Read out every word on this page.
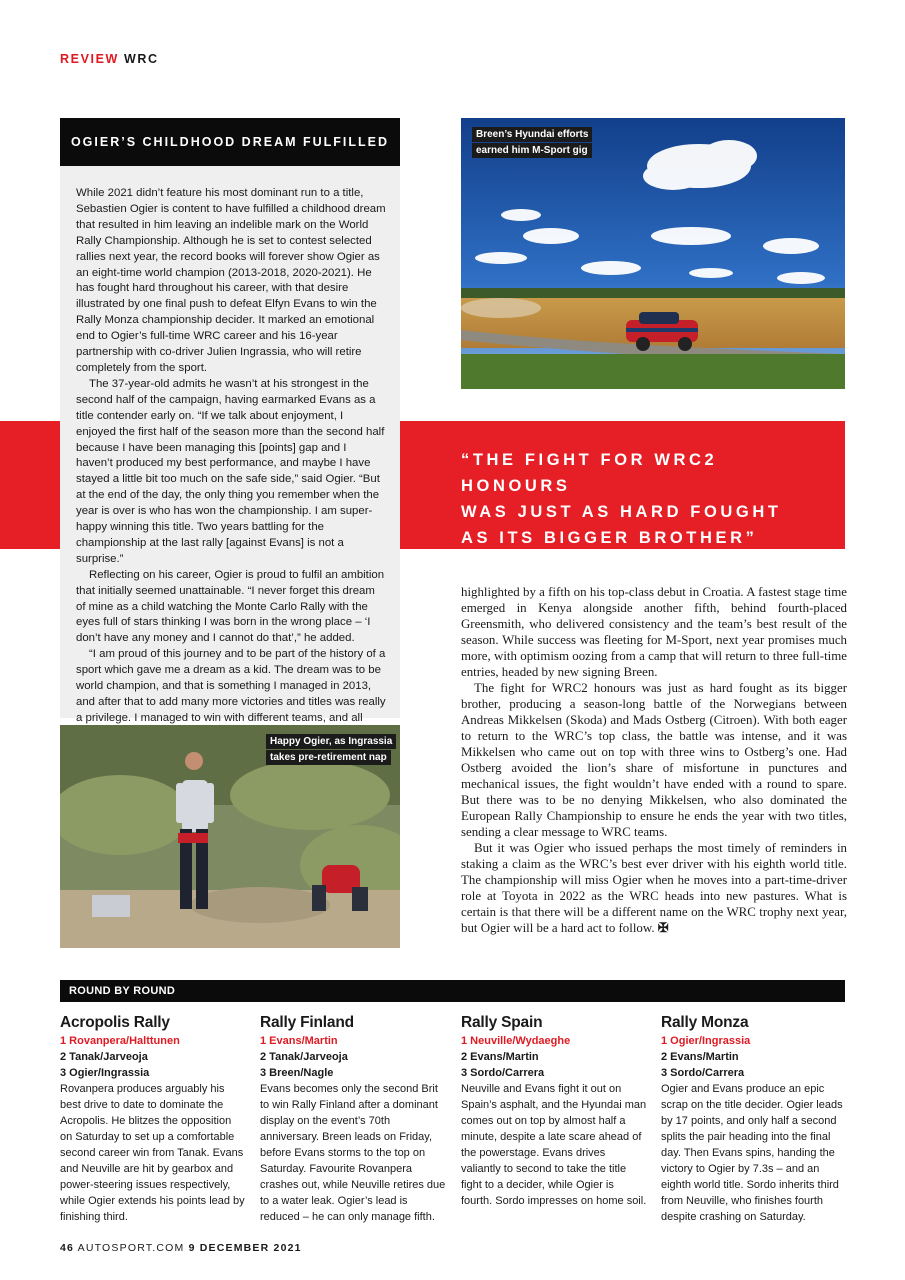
REVIEW WRC
OGIER’S CHILDHOOD DREAM FULFILLED

While 2021 didn’t feature his most dominant run to a title, Sebastien Ogier is content to have fulfilled a childhood dream that resulted in him leaving an indelible mark on the World Rally Championship. Although he is set to contest selected rallies next year, the record books will forever show Ogier as an eight-time world champion (2013-2018, 2020-2021). He has fought hard throughout his career, with that desire illustrated by one final push to defeat Elfyn Evans to win the Rally Monza championship decider. It marked an emotional end to Ogier’s full-time WRC career and his 16-year partnership with co-driver Julien Ingrassia, who will retire completely from the sport.

The 37-year-old admits he wasn’t at his strongest in the second half of the campaign, having earmarked Evans as a title contender early on. “If we talk about enjoyment, I enjoyed the first half of the season more than the second half because I have been managing this [points] gap and I haven’t produced my best performance, and maybe I have stayed a little bit too much on the safe side,” said Ogier. “But at the end of the day, the only thing you remember when the year is over is who has won the championship. I am super-happy winning this title. Two years battling for the championship at the last rally [against Evans] is not a surprise.”

Reflecting on his career, Ogier is proud to fulfil an ambition that initially seemed unattainable. “I never forget this dream of mine as a child watching the Monte Carlo Rally with the eyes full of stars thinking I was born in the wrong place – ‘I don’t have any money and I cannot do that’,” he added.

“I am proud of this journey and to be part of the history of a sport which gave me a dream as a kid. The dream was to be world champion, and that is something I managed in 2013, and after that to add many more victories and titles was really a privilege. I managed to win with different teams, and all

Breen’s Hyundai efforts
earned him M-Sport gig
Happy Ogier, as Ingrassia
takes pre-retirement nap
“THE FIGHT FOR WRC2 HONOURS
WAS JUST AS HARD FOUGHT
AS ITS BIGGER BROTHER”

highlighted by a fifth on his top-class debut in Croatia. A fastest stage time emerged in Kenya alongside another fifth, behind fourth-placed Greensmith, who delivered consistency and the team’s best result of the season. While success was fleeting for M-Sport, next year promises much more, with optimism oozing from a camp that will return to three full-time entries, headed by new signing Breen.

The fight for WRC2 honours was just as hard fought as its bigger brother, producing a season-long battle of the Norwegians between Andreas Mikkelsen (Skoda) and Mads Ostberg (Citroen). With both eager to return to the WRC’s top class, the battle was intense, and it was Mikkelsen who came out on top with three wins to Ostberg’s one. Had Ostberg avoided the lion’s share of misfortune in punctures and mechanical issues, the fight wouldn’t have ended with a round to spare. But there was to be no denying Mikkelsen, who also dominated the European Rally Championship to ensure he ends the year with two titles, sending a clear message to WRC teams.

But it was Ogier who issued perhaps the most timely of reminders in staking a claim as the WRC’s best ever driver with his eighth world title. The championship will miss Ogier when he moves into a part-time-driver role at Toyota in 2022 as the WRC heads into new pastures. What is certain is that there will be a different name on the WRC trophy next year, but Ogier will be a hard act to follow. ✠

ROUND BY ROUND
Acropolis Rally
1 Rovanpera/Halttunen
2 Tanak/Jarveoja
3 Ogier/Ingrassia
Rovanpera produces arguably his best drive to date to dominate the Acropolis. He blitzes the opposition on Saturday to set up a comfortable second career win from Tanak. Evans and Neuville are hit by gearbox and power-steering issues respectively, while Ogier extends his points lead by finishing third.
Rally Finland
1 Evans/Martin
2 Tanak/Jarveoja
3 Breen/Nagle
Evans becomes only the second Brit to win Rally Finland after a dominant display on the event’s 70th anniversary. Breen leads on Friday, before Evans storms to the top on Saturday. Favourite Rovanpera crashes out, while Neuville retires due to a water leak. Ogier’s lead is reduced – he can only manage fifth.
Rally Spain
1 Neuville/Wydaeghe
2 Evans/Martin
3 Sordo/Carrera
Neuville and Evans fight it out on Spain’s asphalt, and the Hyundai man comes out on top by almost half a minute, despite a late scare ahead of the powerstage. Evans drives valiantly to second to take the title fight to a decider, while Ogier is fourth. Sordo impresses on home soil.
Rally Monza
1 Ogier/Ingrassia
2 Evans/Martin
3 Sordo/Carrera
Ogier and Evans produce an epic scrap on the title decider. Ogier leads by 17 points, and only half a second splits the pair heading into the final day. Then Evans spins, handing the victory to Ogier by 7.3s – and an eighth world title. Sordo inherits third from Neuville, who finishes fourth despite crashing on Saturday.
46 AUTOSPORT.COM 9 DECEMBER 2021
